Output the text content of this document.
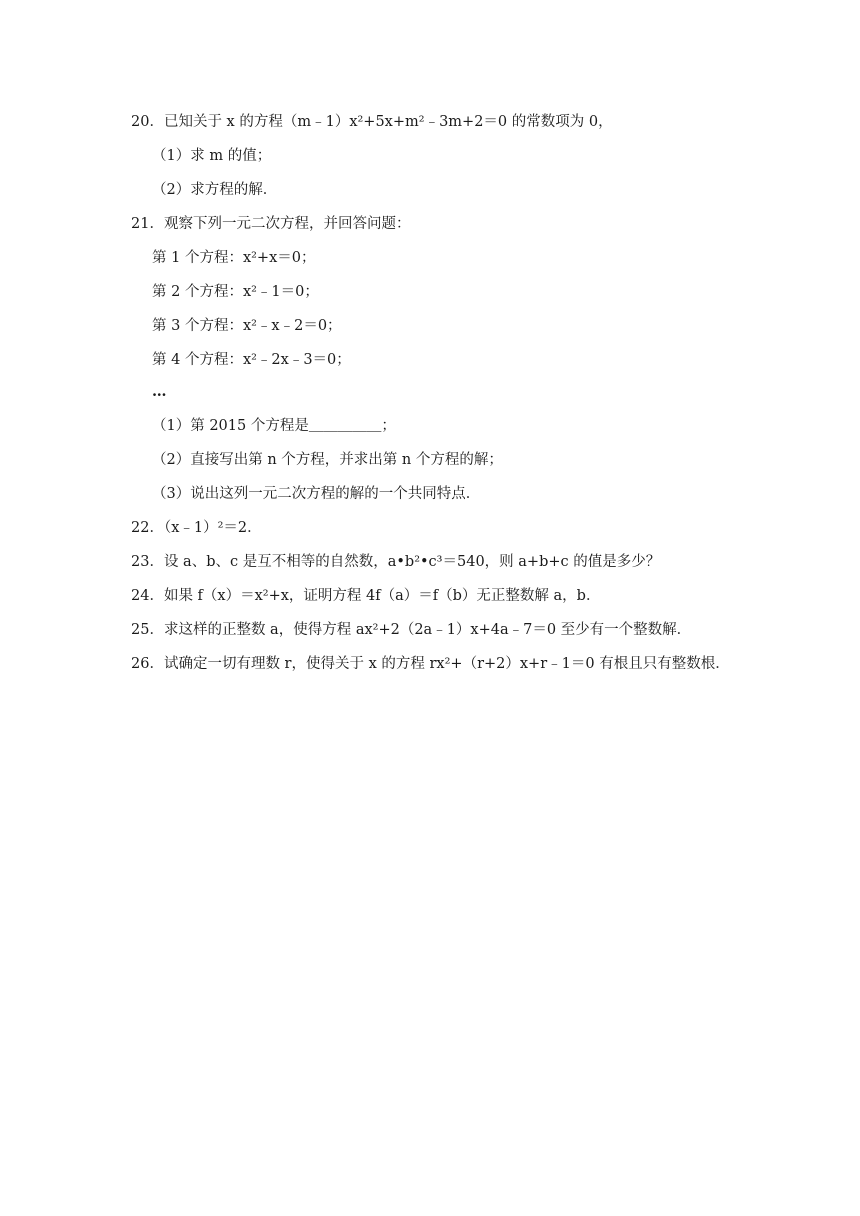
20．已知关于 x 的方程（m﹣1）x²+5x+m²﹣3m+2＝0 的常数项为 0，
（1）求 m 的值；
（2）求方程的解．
21．观察下列一元二次方程，并回答问题：
第 1 个方程：x²+x＝0；
第 2 个方程：x²﹣1＝0；
第 3 个方程：x²﹣x﹣2＝0；
第 4 个方程：x²﹣2x﹣3＝0；
…
（1）第 2015 个方程是＿＿＿＿＿；
（2）直接写出第 n 个方程，并求出第 n 个方程的解；
（3）说出这列一元二次方程的解的一个共同特点．
22．（x﹣1）²＝2．
23．设 a、b、c 是互不相等的自然数，a•b²•c³＝540，则 a+b+c 的值是多少？
24．如果 f（x）＝x²+x，证明方程 4f（a）＝f（b）无正整数解 a，b．
25．求这样的正整数 a，使得方程 ax²+2（2a﹣1）x+4a﹣7＝0 至少有一个整数解．
26．试确定一切有理数 r，使得关于 x 的方程 rx²+（r+2）x+r﹣1＝0 有根且只有整数根．
